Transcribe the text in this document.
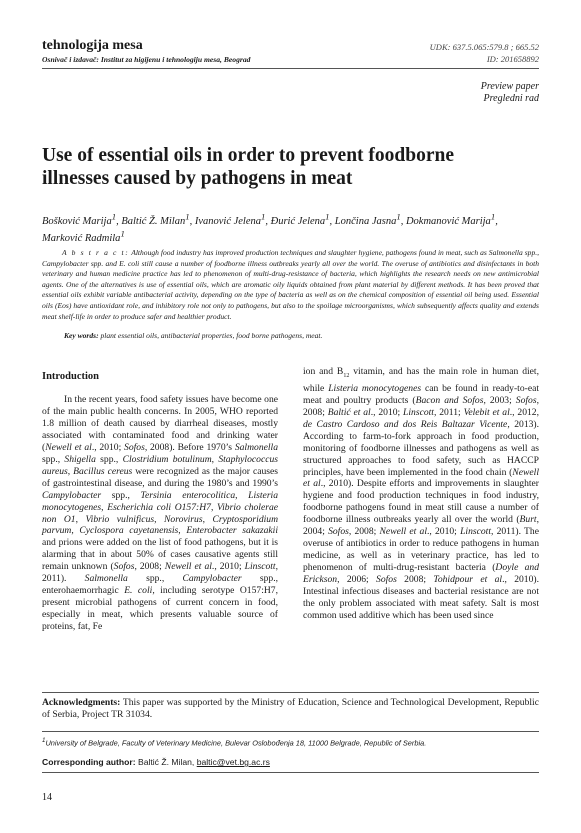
tehnologija mesa
Osnivač i izdavač: Institut za higijenu i tehnologiju mesa, Beograd
UDK: 637.5.065:579.8 ; 665.52
ID: 201658892
Preview paper
Pregledni rad
Use of essential oils in order to prevent foodborne illnesses caused by pathogens in meat
Bošković Marija$^1$, Baltić Ž. Milan$^1$, Ivanović Jelena$^1$, Đurić Jelena$^1$, Lončina Jasna$^1$, Dokmanović Marija$^1$,
Marković Radmila$^1$
A b s t r a c t: Although food industry has improved production techniques and slaughter hygiene, pathogens found in meat, such as Salmonella spp., Campylobacter spp. and E. coli still cause a number of foodborne illness outbreaks yearly all over the world. The overuse of antibiotics and disinfectants in both veterinary and human medicine practice has led to phenomenon of multi-drug-resistance of bacteria, which highlights the research needs on new antimicrobial agents. One of the alternatives is use of essential oils, which are aromatic oily liquids obtained from plant material by different methods. It has been proved that essential oils exhibit variable antibacterial activity, depending on the type of bacteria as well as on the chemical composition of essential oil being used. Essential oils (Eos) have antioxidant role, and inhibitory role not only to pathogens, but also to the spoilage microorganisms, which subsequently affects quality and extends meat shelf-life in order to produce safer and healthier product.
Key words: plant essential oils, antibacterial properties, food borne pathogens, meat.
Introduction

In the recent years, food safety issues have become one of the main public health concerns. In 2005, WHO reported 1.8 million of death caused by diarrheal diseases, mostly associated with contaminated food and drinking water (Newell et al., 2010; Sofos, 2008). Before 1970’s Salmonella spp., Shigella spp., Clostridium botulinum, Staphylococcus aureus, Bacillus cereus were recognized as the major causes of gastrointestinal disease, and during the 1980’s and 1990’s Campylobacter spp., Tersinia enterocolitica, Listeria monocytogenes, Escherichia coli O157:H7, Vibrio cholerae non O1, Vibrio vulnificus, Norovirus, Cryptosporidium parvum, Cyclospora cayetanensis, Enterobacter sakazakii and prions were added on the list of food pathogens, but it is alarming that in about 50% of cases causative agents still remain unknown (Sofos, 2008; Newell et al., 2010; Linscott, 2011). Salmonella spp., Campylobacter spp., enterohaemorrhagic E. coli, including serotype O157:H7, present microbial pathogens of current concern in food, especially in meat, which presents valuable source of proteins, fat, Fe

ion and $B_{12}$ vitamin, and has the main role in human diet, while Listeria monocytogenes can be found in ready-to-eat meat and poultry products (Bacon and Sofos, 2003; Sofos, 2008; Baltić et al., 2010; Linscott, 2011; Velebit et al., 2012, de Castro Cardoso and dos Reis Baltazar Vicente, 2013). According to farm-to-fork approach in food production, monitoring of foodborne illnesses and pathogens as well as structured approaches to food safety, such as HACCP principles, have been implemented in the food chain (Newell et al., 2010). Despite efforts and improvements in slaughter hygiene and food production techniques in food industry, foodborne pathogens found in meat still cause a number of foodborne illness outbreaks yearly all over the world (Burt, 2004; Sofos, 2008; Newell et al., 2010; Linscott, 2011). The overuse of antibiotics in order to reduce pathogens in human medicine, as well as in veterinary practice, has led to phenomenon of multi-drug-resistant bacteria (Doyle and Erickson, 2006; Sofos 2008; Tohidpour et al., 2010). Intestinal infectious diseases and bacterial resistance are not the only problem associated with meat safety. Salt is most common used additive which has been used since

Acknowledgments: This paper was supported by the Ministry of Education, Science and Technological Development, Republic of Serbia, Project TR 31034.
$^1$University of Belgrade, Faculty of Veterinary Medicine, Bulevar Oslobođenja 18, 11000 Belgrade, Republic of Serbia.
Corresponding author: Baltić Ž. Milan, baltic@vet.bg.ac.rs
14
